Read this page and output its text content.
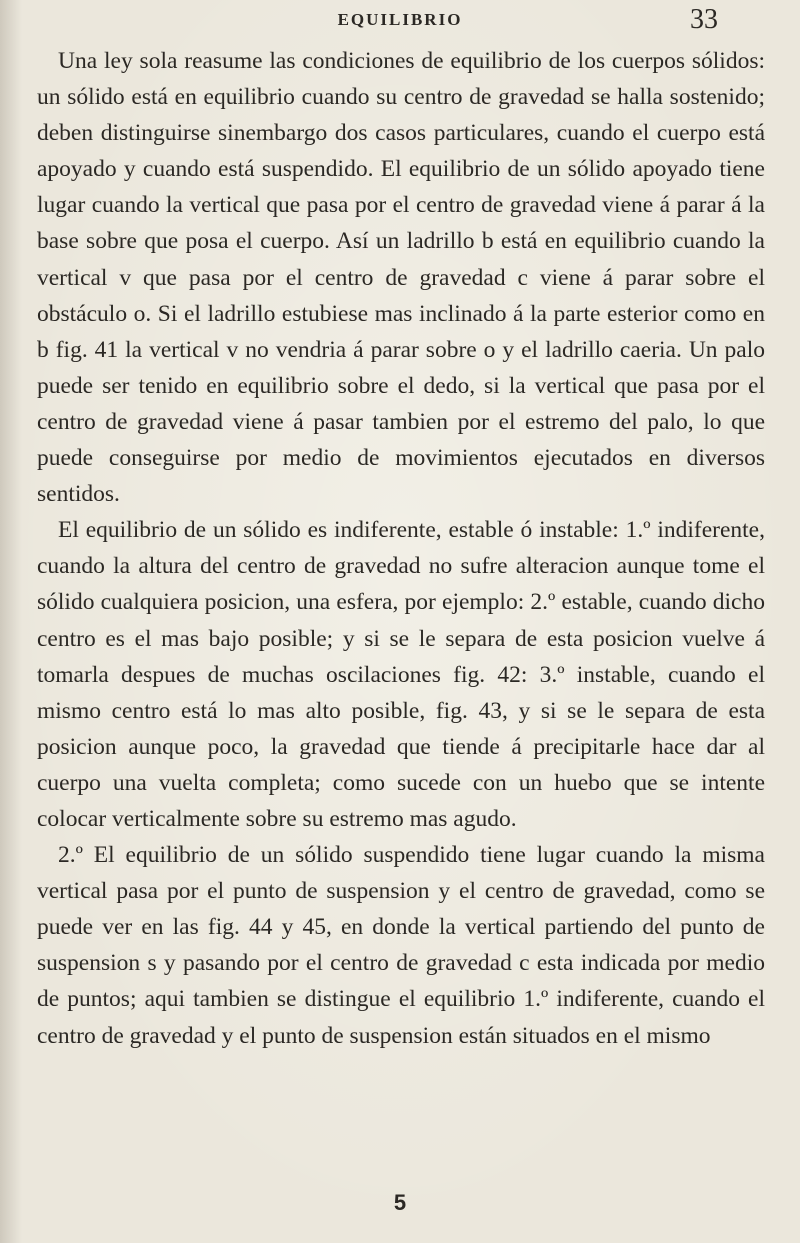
EQUILIBRIO	33

Una ley sola reasume las condiciones de equilibrio de los cuerpos sólidos: un sólido está en equilibrio cuando su centro de gravedad se halla sostenido; deben distinguirse sinembargo dos casos particulares, cuando el cuerpo está apoyado y cuando está suspendido. El equilibrio de un sólido apoyado tiene lugar cuando la vertical que pasa por el centro de gravedad viene á parar á la base sobre que posa el cuerpo. Así un ladrillo b está en equilibrio cuando la vertical v que pasa por el centro de gravedad c viene á parar sobre el obstáculo o. Si el ladrillo estubiese mas inclinado á la parte esterior como en b fig. 41 la vertical v no vendria á parar sobre o y el ladrillo caeria. Un palo puede ser tenido en equilibrio sobre el dedo, si la vertical que pasa por el centro de gravedad viene á pasar tambien por el estremo del palo, lo que puede conseguirse por medio de movimientos ejecutados en diversos sentidos.

El equilibrio de un sólido es indiferente, estable ó instable: 1.º indiferente, cuando la altura del centro de gravedad no sufre alteracion aunque tome el sólido cualquiera posicion, una esfera, por ejemplo: 2.º estable, cuando dicho centro es el mas bajo posible; y si se le separa de esta posicion vuelve á tomarla despues de muchas oscilaciones fig. 42: 3.º instable, cuando el mismo centro está lo mas alto posible, fig. 43, y si se le separa de esta posicion aunque poco, la gravedad que tiende á precipitarle hace dar al cuerpo una vuelta completa; como sucede con un huebo que se intente colocar verticalmente sobre su estremo mas agudo.

2.º El equilibrio de un sólido suspendido tiene lugar cuando la misma vertical pasa por el punto de suspension y el centro de gravedad, como se puede ver en las fig. 44 y 45, en donde la vertical partiendo del punto de suspension s y pasando por el centro de gravedad c esta indicada por medio de puntos; aqui tambien se distingue el equilibrio 1.º indiferente, cuando el centro de gravedad y el punto de suspension están situados en el mismo

5
